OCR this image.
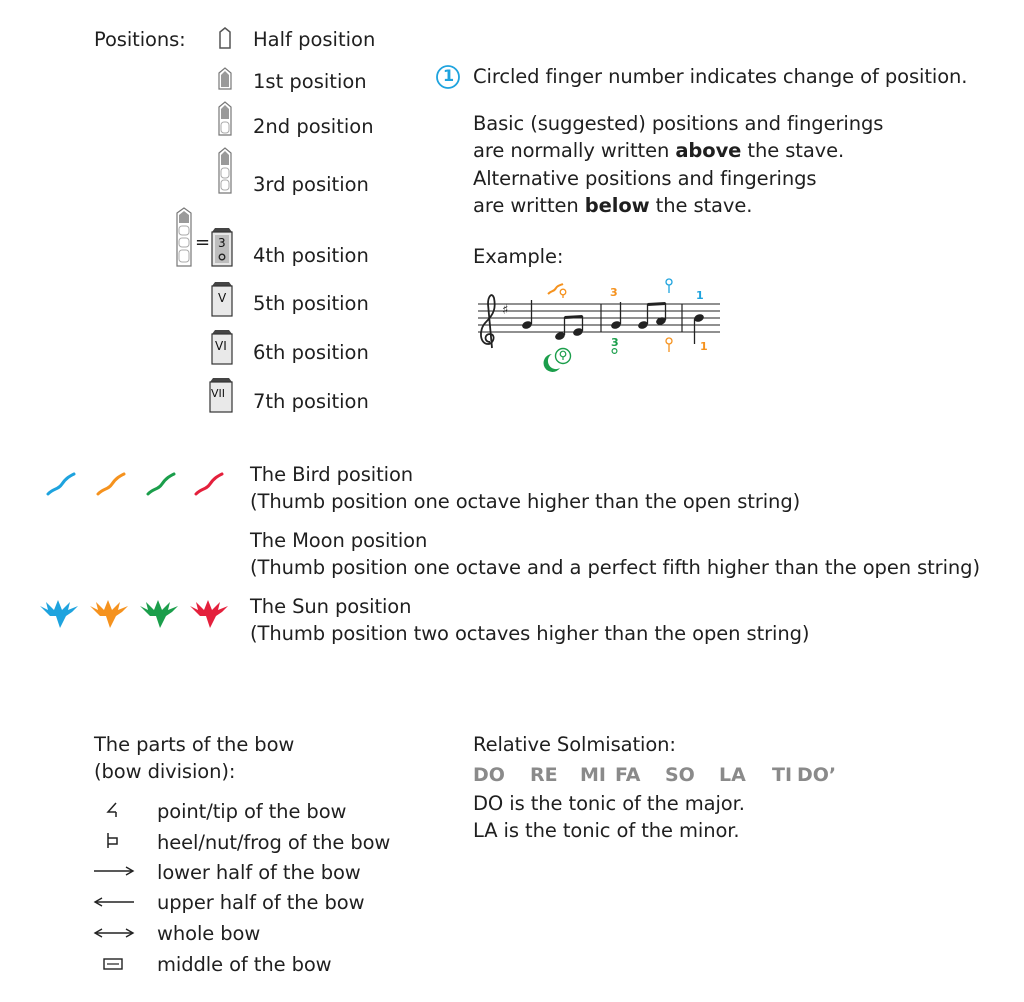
Positions:	Half position
1st position
2nd position
3rd position
= 3
4th position
V 5th position
VI 6th position
VII 7th position
1 Circled finger number indicates change of position.
Basic (suggested) positions and fingerings
are normally written above the stave.
Alternative positions and fingerings
are written below the stave.
Example:
♯
3
3
1
1
The Bird position
(Thumb position one octave higher than the open string)
The Moon position
(Thumb position one octave and a perfect fifth higher than the open string)
The Sun position
(Thumb position two octaves higher than the open string)
The parts of the bow
(bow division):
point/tip of the bow
heel/nut/frog of the bow
lower half of the bow
upper half of the bow
whole bow
middle of the bow
Relative Solmisation:
DO RE MI FA SO LA TI DO’
DO is the tonic of the major.
LA is the tonic of the minor.
